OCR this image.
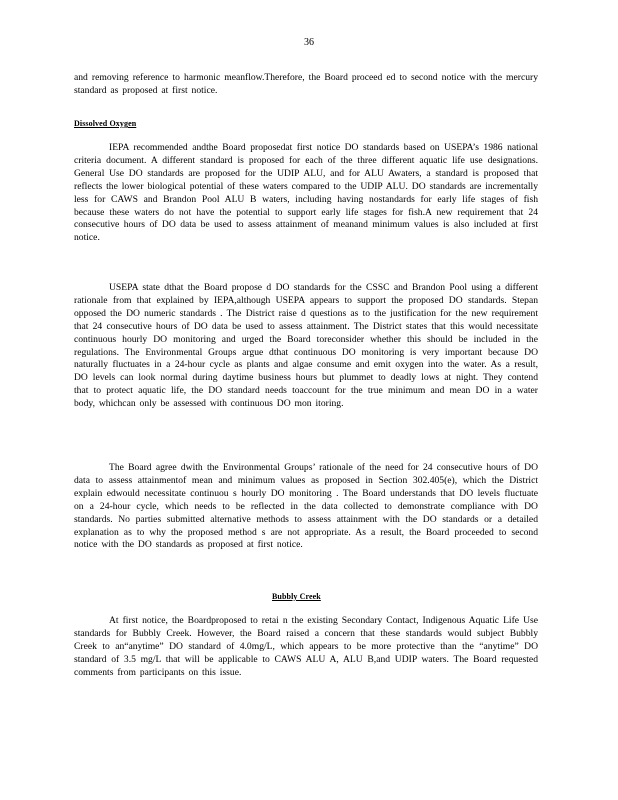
36

and removing reference to harmonic meanflow.Therefore, the Board proceed ed to second notice with the mercury standard as proposed at first notice.

Dissolved Oxygen

IEPA recommended andthe Board proposedat first notice DO standards based on USEPA’s 1986 national criteria document. A different standard is proposed for each of the three different aquatic life use designations. General Use DO standards are proposed for the UDIP ALU, and for ALU Awaters, a standard is proposed that reflects the lower biological potential of these waters compared to the UDIP ALU. DO standards are incrementally less for CAWS and Brandon Pool ALU B waters, including having nostandards for early life stages of fish because these waters do not have the potential to support early life stages for fish.A new requirement that 24 consecutive hours of DO data be used to assess attainment of meanand minimum values is also included at first notice.

USEPA state dthat the Board propose d DO standards for the CSSC and Brandon Pool using a different rationale from that explained by IEPA,although USEPA appears to support the proposed DO standards. Stepan opposed the DO numeric standards . The District raise d questions as to the justification for the new requirement that 24 consecutive hours of DO data be used to assess attainment. The District states that this would necessitate continuous hourly DO monitoring and urged the Board toreconsider whether this should be included in the regulations. The Environmental Groups argue dthat continuous DO monitoring is very important because DO naturally fluctuates in a 24-hour cycle as plants and algae consume and emit oxygen into the water. As a result, DO levels can look normal during daytime business hours but plummet to deadly lows at night. They contend that to protect aquatic life, the DO standard needs toaccount for the true minimum and mean DO in a water body, whichcan only be assessed with continuous DO mon itoring.

The Board agree dwith the Environmental Groups’ rationale of the need for 24 consecutive hours of DO data to assess attainmentof mean and minimum values as proposed in Section 302.405(e), which the District explain edwould necessitate continuou s hourly DO monitoring . The Board understands that DO levels fluctuate on a 24-hour cycle, which needs to be reflected in the data collected to demonstrate compliance with DO standards. No parties submitted alternative methods to assess attainment with the DO standards or a detailed explanation as to why the proposed method s are not appropriate. As a result, the Board proceeded to second notice with the DO standards as proposed at first notice.

Bubbly Creek

At first notice, the Boardproposed to retai n the existing Secondary Contact, Indigenous Aquatic Life Use standards for Bubbly Creek. However, the Board raised a concern that these standards would subject Bubbly Creek to an“anytime” DO standard of 4.0mg/L, which appears to be more protective than the “anytime” DO standard of 3.5 mg/L that will be applicable to CAWS ALU A, ALU B,and UDIP waters. The Board requested comments from participants on this issue.
